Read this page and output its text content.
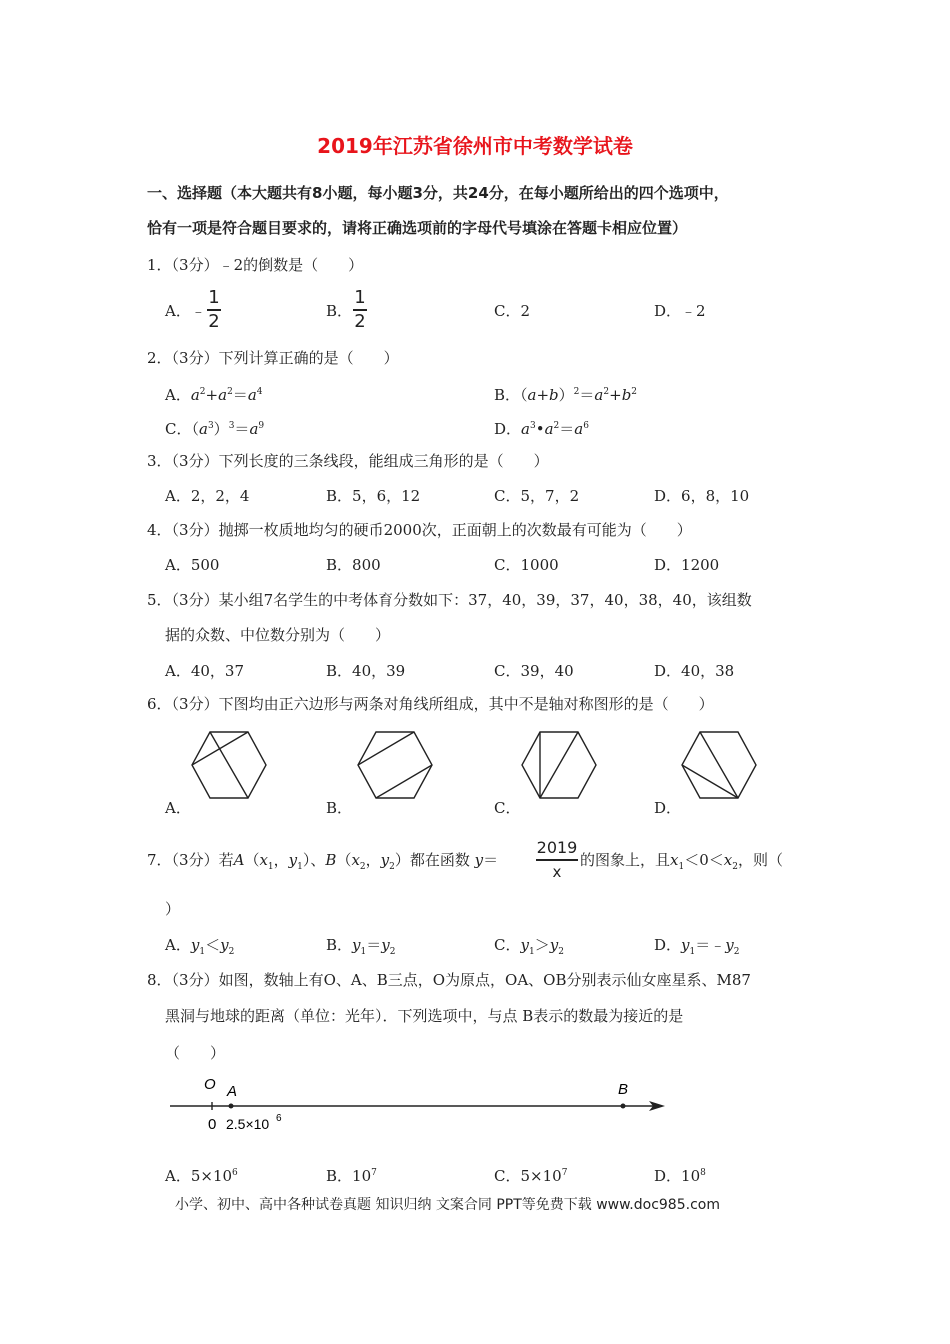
2019年江苏省徐州市中考数学试卷
一、选择题（本大题共有8小题，每小题3分，共24分，在每小题所给出的四个选项中，
恰有一项是符合题目要求的，请将正确选项前的字母代号填涂在答题卡相应位置）
1．（3分）﹣2的倒数是（　　）
A．﹣
1
2	B．
1
2	C．2	D．﹣2
2．（3分）下列计算正确的是（　　）
A．$a^2+a^2=a^4$	B．$(a+b)^2=a^2+b^2$
C．$(a^3)^3=a^9$	D．$a^3•a^2=a^6$
3．（3分）下列长度的三条线段，能组成三角形的是（　　）
A．2，2，4	B．5，6，12	C．5，7，2	D．6，8，10
4．（3分）抛掷一枚质地均匀的硬币2000次，正面朝上的次数最有可能为（　　）
A．500	B．800	C．1000	D．1200
5．（3分）某小组7名学生的中考体育分数如下：37，40，39，37，40，38，40，该组数
据的众数、中位数分别为（　　）
A．40，37	B．40，39	C．39，40	D．40，38
6．（3分）下图均由正六边形与两条对角线所组成，其中不是轴对称图形的是（　　）
A．	B．	C．	D．
7．（3分）若$A(x_1$，$y_1$）、$B(x_2$，$y_2$）都在函数 y＝
2019
x
的图象上，且$x_1<0<x_2$，则（
）
A．$y_1<y_2$	B．$y_1=y_2$	C．$y_1>y_2$	D．$y_1=﹣y_2$
8．（3分）如图，数轴上有O、A、B三点，O为原点，OA、OB分别表示仙女座星系、M87
黑洞与地球的距离（单位：光年）．下列选项中，与点 B表示的数最为接近的是
（　　）
O A	B
0 2.5×10 6
A．$5\times 10^6$	B．$10^7$	C．$5\times 10^7$	D．$10^8$
小学、初中、高中各种试卷真题 知识归纳 文案合同 PPT等免费下载 www.doc985.com
